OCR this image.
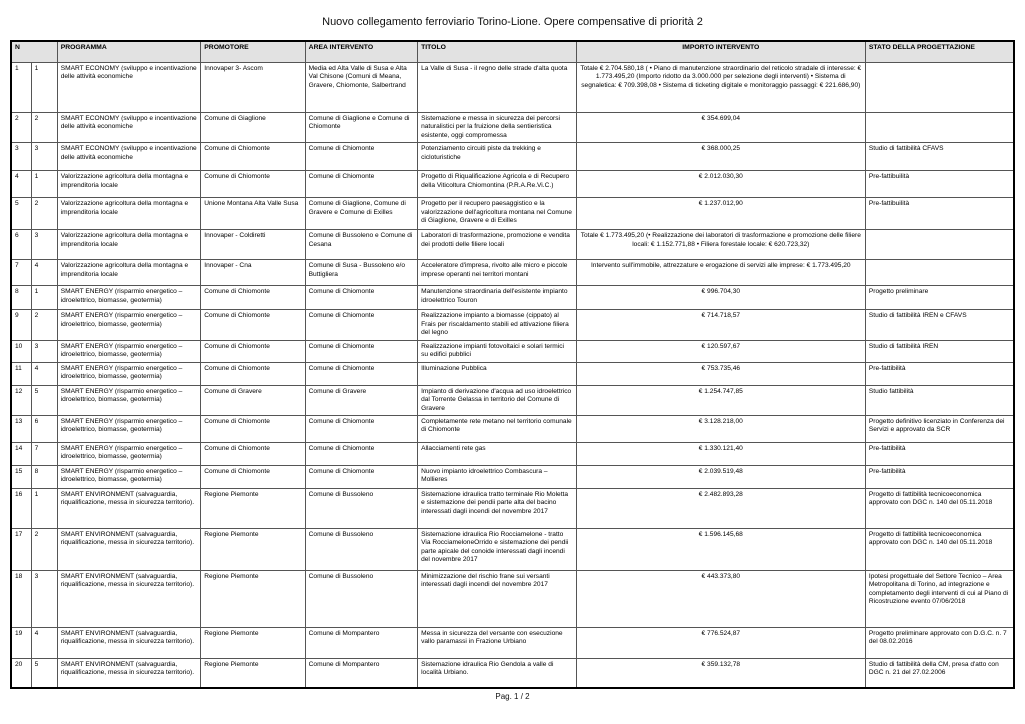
Nuovo collegamento ferroviario Torino-Lione. Opere compensative di priorità 2
N		PROGRAMMA	PROMOTORE	AREA INTERVENTO	TITOLO	IMPORTO INTERVENTO	STATO DELLA PROGETTAZIONE
1	1	SMART ECONOMY (sviluppo e incentivazione delle attività economiche	Innovaper 3- Ascom	Media ed Alta Valle di Susa e Alta Val Chisone (Comuni di Meana, Gravere, Chiomonte, Salbertrand	La Valle di Susa - il regno delle strade d'alta quota	Totale € 2.704.580,18 ( • Piano di manutenzione straordinario del reticolo stradale di interesse: € 1.773.495,20 (Importo ridotto da 3.000.000 per selezione degli interventi) • Sistema di segnaletica: € 709.398,08 • Sistema di ticketing digitale e monitoraggio passaggi: € 221.686,90)	
2	2	SMART ECONOMY (sviluppo e incentivazione delle attività economiche	Comune di Giaglione	Comune di Giaglione e Comune di Chiomonte	Sistemazione e messa in sicurezza dei percorsi naturalistici per la fruizione della sentieristica esistente, oggi compromessa	€ 354.699,04	
3	3	SMART ECONOMY (sviluppo e incentivazione delle attività economiche	Comune di Chiomonte	Comune di Chiomonte	Potenziamento circuiti piste da trekking e cicloturistiche	€ 368.000,25	Studio di fattibilità CFAVS
4	1	Valorizzazione agricoltura della montagna e imprenditoria locale	Comune di Chiomonte	Comune di Chiomonte	Progetto di Riqualificazione Agricola e di Recupero della Viticoltura Chiomontina (P.R.A.Re.Vi.C.)	€ 2.012.030,30	Pre-fattibuilità
5	2	Valorizzazione agricoltura della montagna e imprenditoria locale	Unione Montana Alta Valle Susa	Comune di Giaglione, Comune di Gravere e Comune di Exilles	Progetto per il recupero paesaggistico e la valorizzazione dell'agricoltura montana nel Comune di Giaglione, Gravere e di Exilles	€ 1.237.012,90	Pre-fattibuilità
6	3	Valorizzazione agricoltura della montagna e imprenditoria locale	Innovaper - Coldiretti	Comune di Bussoleno e Comune di Cesana	Laboratori di trasformazione, promozione e vendita dei prodotti delle filiere locali	Totale € 1.773.495,20 (• Realizzazione dei laboratori di trasformazione e promozione delle filiere locali: € 1.152.771,88 • Filiera forestale locale: € 620.723,32)	
7	4	Valorizzazione agricoltura della montagna e imprenditoria locale	Innovaper - Cna	Comune di Susa - Bussoleno e/o Buttigliera	Acceleratore d'impresa, rivolto alle micro e piccole imprese operanti nei territori montani	Intervento sull'immobile, attrezzature e erogazione di servizi alle imprese: € 1.773.495,20	
8	1	SMART ENERGY (risparmio energetico – idroelettrico, biomasse, geotermia)	Comune di Chiomonte	Comune di Chiomonte	Manutenzione straordinaria dell'esistente impianto idroelettrico Touron	€ 996.704,30	Progetto preliminare
9	2	SMART ENERGY (risparmio energetico – idroelettrico, biomasse, geotermia)	Comune di Chiomonte	Comune di Chiomonte	Realizzazione impianto a biomasse (cippato) al Frais per riscaldamento stabili ed attivazione filiera del legno	€ 714.718,57	Studio di fattibilità IREN e CFAVS
10	3	SMART ENERGY (risparmio energetico – idroelettrico, biomasse, geotermia)	Comune di Chiomonte	Comune di Chiomonte	Realizzazione impianti fotovoltaici e solari termici su edifici pubblici	€ 120.597,67	Studio di fattibilità IREN
11	4	SMART ENERGY (risparmio energetico – idroelettrico, biomasse, geotermia)	Comune di Chiomonte	Comune di Chiomonte	Illuminazione Pubblica	€ 753.735,46	Pre-fattibilità
12	5	SMART ENERGY (risparmio energetico – idroelettrico, biomasse, geotermia)	Comune di Gravere	Comune di Gravere	Impianto di derivazione d'acqua ad uso idroelettrico dal Torrente Gelassa in territorio del Comune di Gravere	€ 1.254.747,85	Studio fattibilità
13	6	SMART ENERGY (risparmio energetico – idroelettrico, biomasse, geotermia)	Comune di Chiomonte	Comune di Chiomonte	Completamente rete metano nel territorio comunale di Chiomonte	€ 3.128.218,00	Progetto definitivo licenziato in Conferenza dei Servizi e approvato da SCR
14	7	SMART ENERGY (risparmio energetico – idroelettrico, biomasse, geotermia)	Comune di Chiomonte	Comune di Chiomonte	Allacciamenti rete gas	€ 1.330.121,40	Pre-fattibilità
15	8	SMART ENERGY (risparmio energetico – idroelettrico, biomasse, geotermia)	Comune di Chiomonte	Comune di Chiomonte	Nuovo impianto idroelettrico Combascura – Mollieres	€ 2.039.519,48	Pre-fattibilità
16	1	SMART ENVIRONMENT (salvaguardia, riqualificazione, messa in sicurezza territorio).	Regione Piemonte	Comune di Bussoleno	Sistemazione idraulica tratto terminale Rio Moletta e sistemazione dei pendii parte alta del bacino interessati dagli incendi del novembre 2017	€ 2.482.893,28	Progetto di fattibilità tecnicoeconomica approvato con DGC n. 140 del 05.11.2018
17	2	SMART ENVIRONMENT (salvaguardia, riqualificazione, messa in sicurezza territorio).	Regione Piemonte	Comune di Bussoleno	Sistemazione idraulica Rio Rocciamelone - tratto Via RocciameloneOrrido e sistemazione dei pendii parte apicale del conoide interessati dagli incendi del novembre 2017	€ 1.596.145,68	Progetto di fattibilità tecnicoeconomica approvato con DGC n. 140 del 05.11.2018
18	3	SMART ENVIRONMENT (salvaguardia, riqualificazione, messa in sicurezza territorio).	Regione Piemonte	Comune di Bussoleno	Minimizzazione del rischio frane sui versanti interessati dagli incendi del novembre 2017	€ 443.373,80	Ipotesi progettuale del Settore Tecnico – Area Metropolitana di Torino, ad integrazione e completamento degli interventi di cui al Piano di Ricostruzione evento 07/06/2018
19	4	SMART ENVIRONMENT (salvaguardia, riqualificazione, messa in sicurezza territorio).	Regione Piemonte	Comune di Mompantero	Messa in sicurezza del versante con esecuzione vallo paramassi in Frazione Urbiano	€ 776.524,87	Progetto preliminare approvato con D.G.C. n. 7 del 08.02.2016
20	5	SMART ENVIRONMENT (salvaguardia, riqualificazione, messa in sicurezza territorio).	Regione Piemonte	Comune di Mompantero	Sistemazione idraulica Rio Gendola a valle di località Urbiano.	€ 359.132,78	Studio di fattibilità della CM, presa d'atto con DGC n. 21 del 27.02.2006
Pag. 1 / 2
